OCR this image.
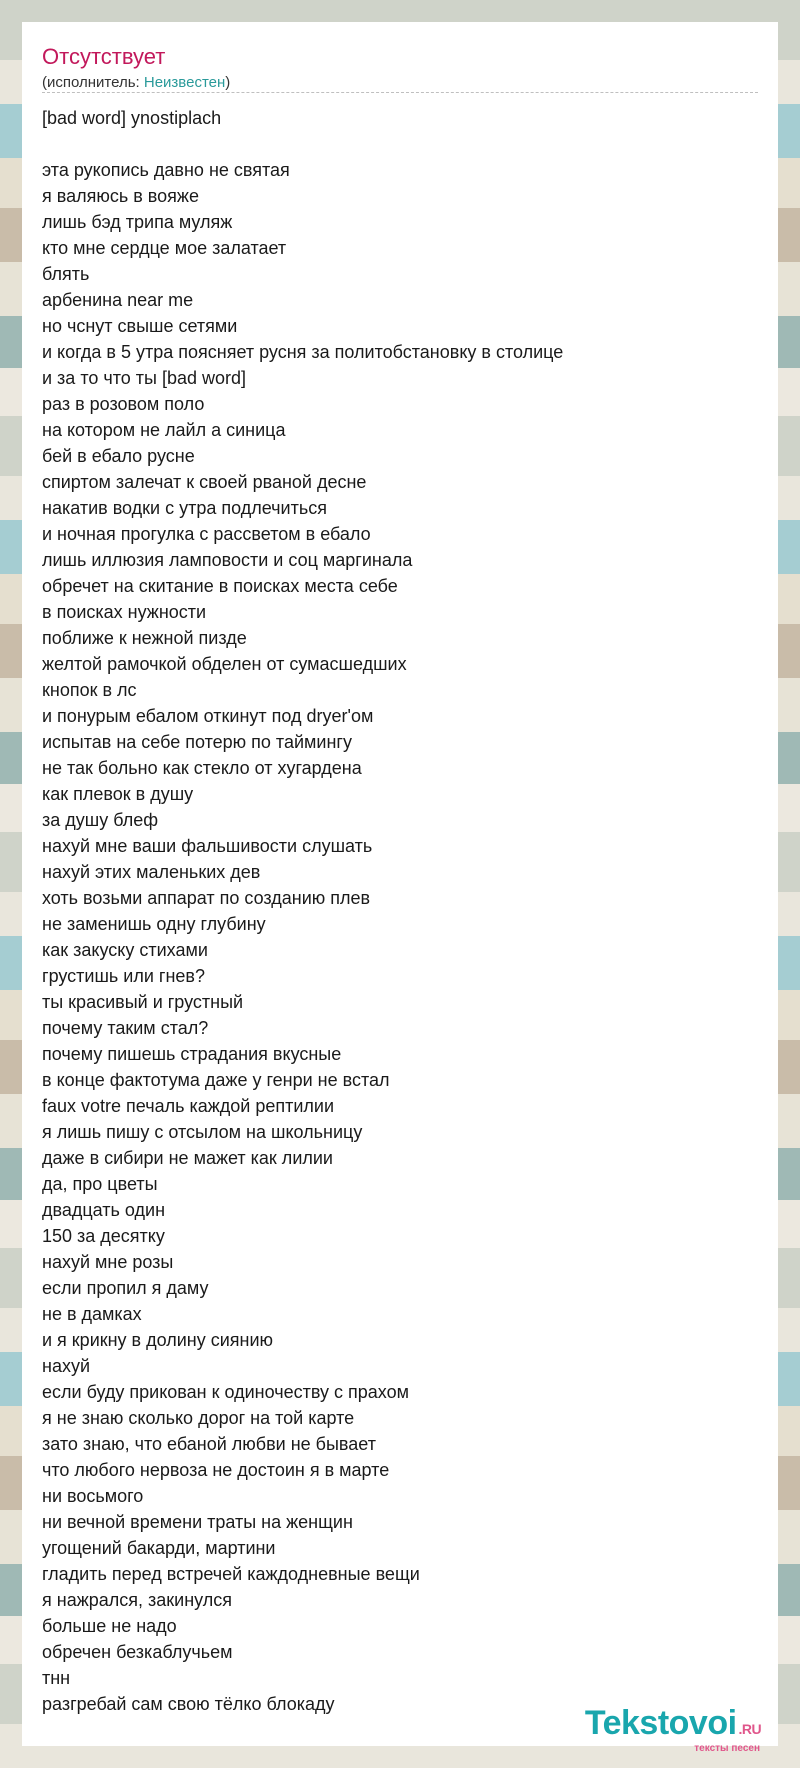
Отсутствует
(исполнитель: Неизвестен)
[bad word] ynostiplach
эта рукопись давно не святая
я валяюсь в вояже
лишь бэд трипа муляж
кто мне сердце мое залатает
блять
арбенина near me
но чснут свыше сетями
и когда в 5 утра поясняет русня за политобстановку в столице
и за то что ты [bad word]
раз в розовом поло
на котором не лайл а синица
бей в ебало русне
спиртом залечат к своей рваной десне
накатив водки с утра подлечиться
и ночная прогулка с рассветом в ебало
лишь иллюзия ламповости и соц маргинала
обречет на скитание в поисках места себе
в поисках нужности
поближе к нежной пизде
желтой рамочкой обделен от сумасшедших
кнопок в лс
и понурым ебалом откинут под dryer'ом
испытав на себе потерю по таймингу
не так больно как стекло от хугардена
как плевок в душу
за душу блеф
нахуй мне ваши фальшивости слушать
нахуй этих маленьких дев
хоть возьми аппарат по созданию плев
не заменишь одну глубину
как закуску стихами
грустишь или гнев?
ты красивый и грустный
почему таким стал?
почему пишешь страдания вкусные
в конце фактотума даже у генри не встал
faux votre печаль каждой рептилии
я лишь пишу с отсылом на школьницу
даже в сибири не мажет как лилии
да, про цветы
двадцать один
150 за десятку
нахуй мне розы
если пропил я даму
не в дамках
и я крикну в долину сиянию
нахуй
если буду прикован к одиночеству с прахом
я не знаю сколько дорог на той карте
зато знаю, что ебаной любви не бывает
что любого нервоза не достоин я в марте
ни восьмого
ни вечной времени траты на женщин
угощений бакарди, мартини
гладить перед встречей каждодневные вещи
я нажрался, закинулся
больше не надо
обречен безкаблучьем
тнн
разгребай сам свою тёлко блокаду	Tekstovoi .RU
тексты песен
